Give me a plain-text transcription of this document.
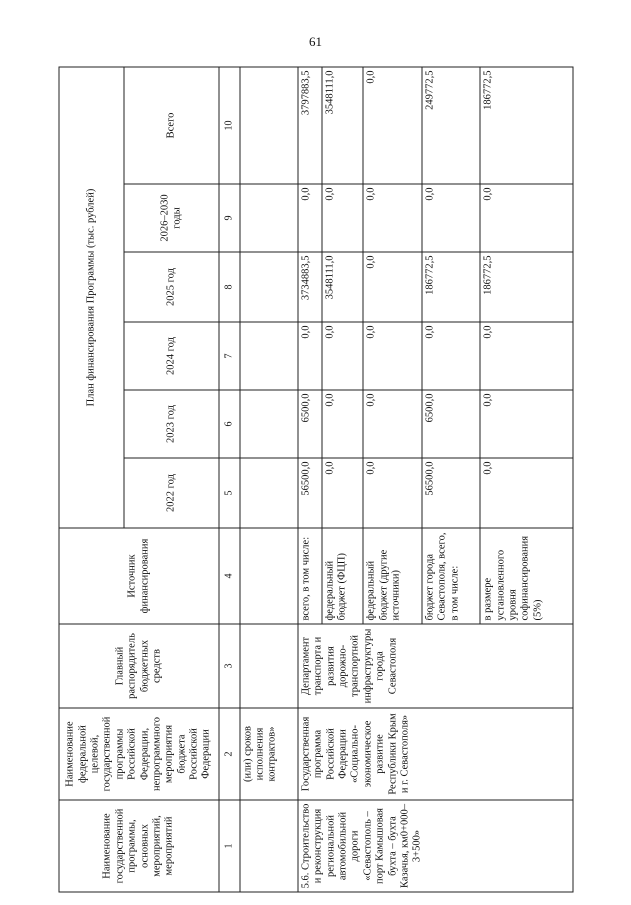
61
Наименование государственной программы, основных мероприятий, мероприятий	Наименование федеральной целевой, государственной программы Российской Федерации, непрограммного мероприятия бюджета Российской Федерации	Главный распорядитель бюджетных средств	Источник финансирования	План финансирования Программы (тыс. рублей)					
				2022 год	2023 год	2024 год	2025 год	2026–2030 годы	Всего
1	2	3	4	5	6	7	8	9	10
	(или) сроков исполнения контрактов»								
5.6. Строительство и реконструкция региональной автомобильной дороги «Севастополь – порт Камышовая бухта – бухта Казачья, км0+000–3+500»	Государственная программа Российской Федерации «Социально-экономическое развитие Республики Крым и г. Севастополя»	Департамент транспорта и развития дорожно-транспортной инфраструктуры города Севастополя	всего, в том числе:	56500,0	6500,0	0,0	3734883,5	0,0	3797883,5
			федеральный бюджет (ФЦП)	0,0	0,0	0,0	3548111,0	0,0	3548111,0
			федеральный бюджет (другие источники)	0,0	0,0	0,0	0,0	0,0	0,0
			бюджет города Севастополя, всего, в том числе:	56500,0	6500,0	0,0	186772,5	0,0	249772,5
			в размере установленного уровня софинансирования (5%)	0,0	0,0	0,0	186772,5	0,0	186772,5
